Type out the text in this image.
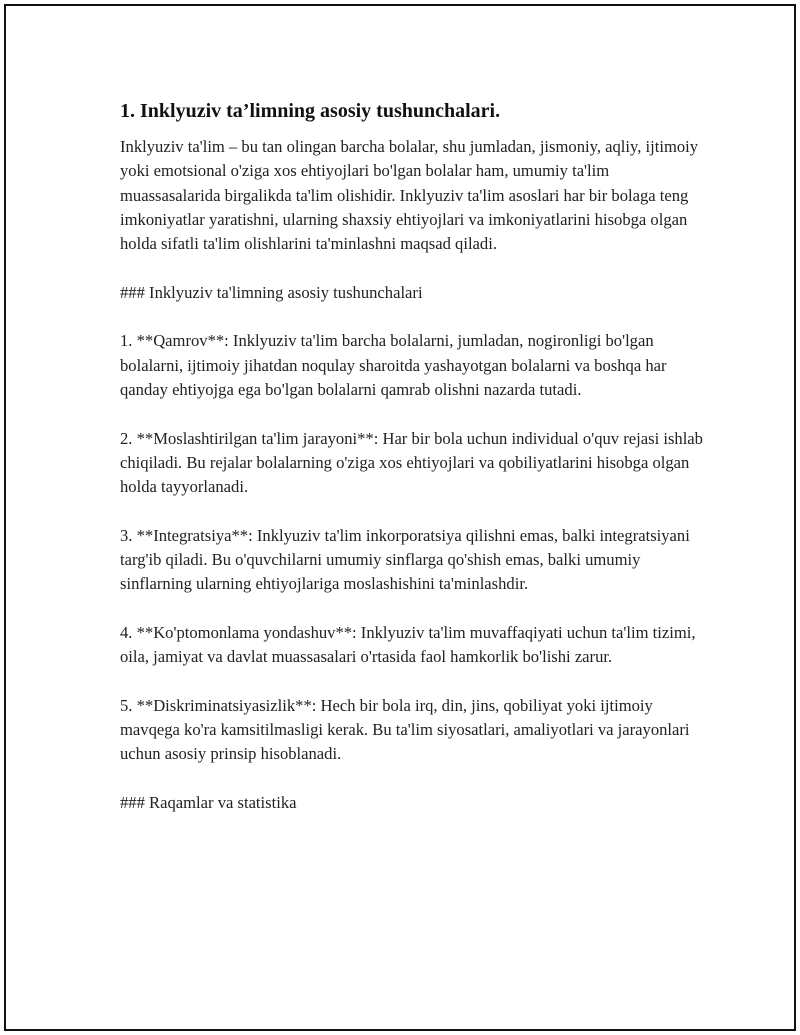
1. Inklyuziv ta’limning asosiy tushunchalari.

Inklyuziv ta'lim – bu tan olingan barcha bolalar, shu jumladan, jismoniy, aqliy, ijtimoiy yoki emotsional o'ziga xos ehtiyojlari bo'lgan bolalar ham, umumiy ta'lim muassasalarida birgalikda ta'lim olishidir. Inklyuziv ta'lim asoslari har bir bolaga teng imkoniyatlar yaratishni, ularning shaxsiy ehtiyojlari va imkoniyatlarini hisobga olgan holda sifatli ta'lim olishlarini ta'minlashni maqsad qiladi.

### Inklyuziv ta'limning asosiy tushunchalari

1. **Qamrov**: Inklyuziv ta'lim barcha bolalarni, jumladan, nogironligi bo'lgan bolalarni, ijtimoiy jihatdan noqulay sharoitda yashayotgan bolalarni va boshqa har qanday ehtiyojga ega bo'lgan bolalarni qamrab olishni nazarda tutadi.

2. **Moslashtirilgan ta'lim jarayoni**: Har bir bola uchun individual o'quv rejasi ishlab chiqiladi. Bu rejalar bolalarning o'ziga xos ehtiyojlari va qobiliyatlarini hisobga olgan holda tayyorlanadi.

3. **Integratsiya**: Inklyuziv ta'lim inkorporatsiya qilishni emas, balki integratsiyani targ'ib qiladi. Bu o'quvchilarni umumiy sinflarga qo'shish emas, balki umumiy sinflarning ularning ehtiyojlariga moslashishini ta'minlashdir.

4. **Ko'ptomonlama yondashuv**: Inklyuziv ta'lim muvaffaqiyati uchun ta'lim tizimi, oila, jamiyat va davlat muassasalari o'rtasida faol hamkorlik bo'lishi zarur.

5. **Diskriminatsiyasizlik**: Hech bir bola irq, din, jins, qobiliyat yoki ijtimoiy mavqega ko'ra kamsitilmasligi kerak. Bu ta'lim siyosatlari, amaliyotlari va jarayonlari uchun asosiy prinsip hisoblanadi.

### Raqamlar va statistika
